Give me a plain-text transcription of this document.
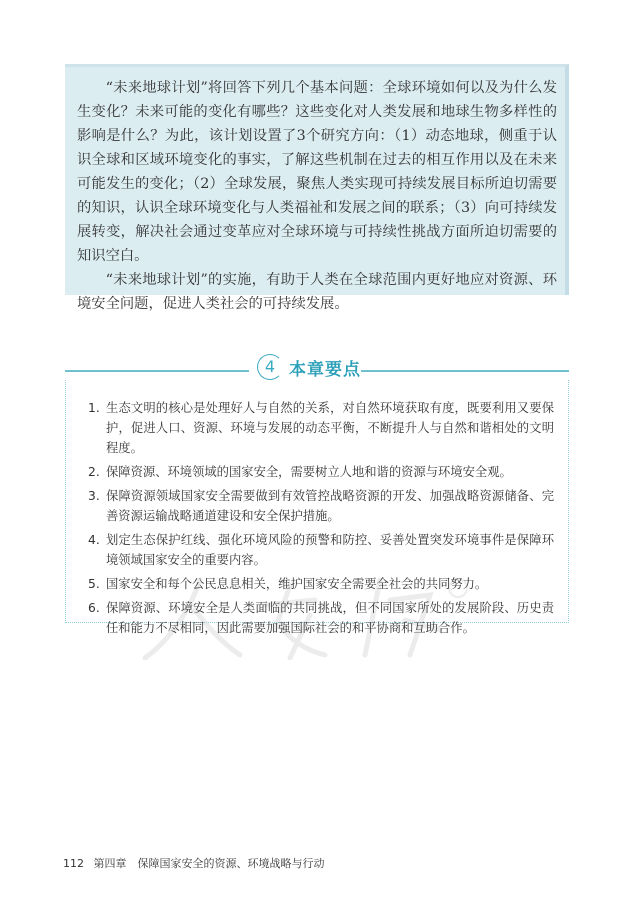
“未来地球计划”将回答下列几个基本问题：全球环境如何以及为什么发生变化？未来可能的变化有哪些？这些变化对人类发展和地球生物多样性的影响是什么？为此，该计划设置了3个研究方向：（1）动态地球，侧重于认识全球和区域环境变化的事实，了解这些机制在过去的相互作用以及在未来可能发生的变化；（2）全球发展，聚焦人类实现可持续发展目标所迫切需要的知识，认识全球环境变化与人类福祉和发展之间的联系；（3）向可持续发展转变，解决社会通过变革应对全球环境与可持续性挑战方面所迫切需要的知识空白。

“未来地球计划”的实施，有助于人类在全球范围内更好地应对资源、环境安全问题，促进人类社会的可持续发展。

4 本章要点
1. 生态文明的核心是处理好人与自然的关系，对自然环境获取有度，既要利用又要保护，促进人口、资源、环境与发展的动态平衡，不断提升人与自然和谐相处的文明程度。
2. 保障资源、环境领域的国家安全，需要树立人地和谐的资源与环境安全观。
3. 保障资源领域国家安全需要做到有效管控战略资源的开发、加强战略资源储备、完善资源运输战略通道建设和安全保护措施。
4. 划定生态保护红线、强化环境风险的预警和防控、妥善处置突发环境事件是保障环境领域国家安全的重要内容。
5. 国家安全和每个公民息息相关，维护国家安全需要全社会的共同努力。
6. 保障资源、环境安全是人类面临的共同挑战，但不同国家所处的发展阶段、历史责任和能力不尽相同，因此需要加强国际社会的和平协商和互助合作。
112 第四章　保障国家安全的资源、环境战略与行动
